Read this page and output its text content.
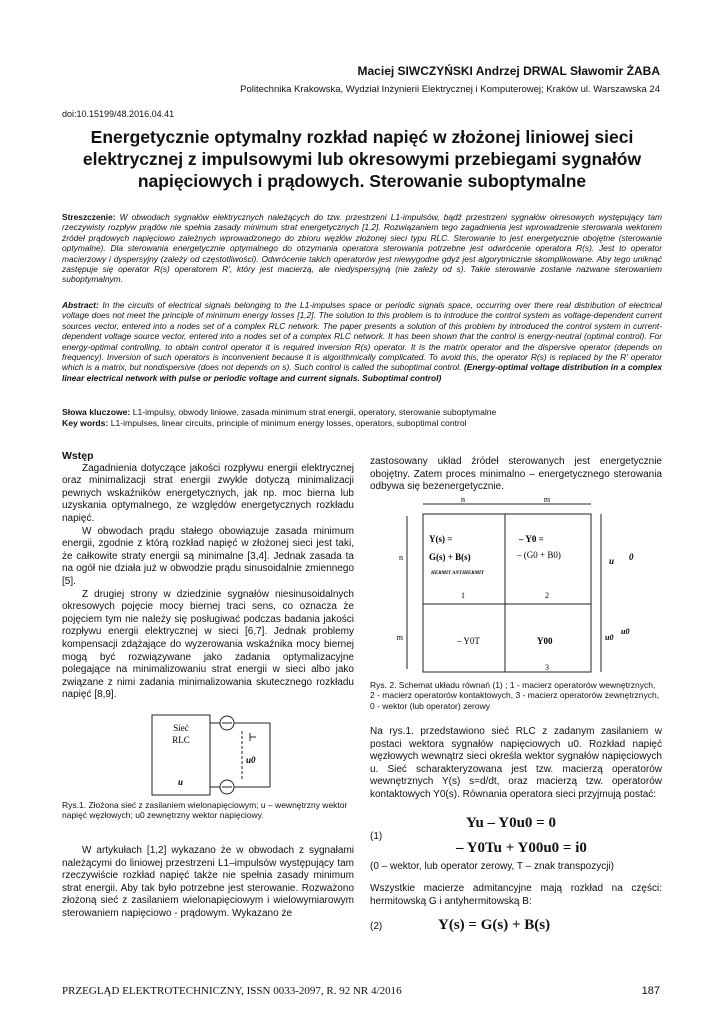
Maciej SIWCZYŃSKI Andrzej DRWAL Sławomir ŻABA
Politechnika Krakowska, Wydział Inżynierii Elektrycznej i Komputerowej; Kraków ul. Warszawska 24
doi:10.15199/48.2016.04.41
Energetycznie optymalny rozkład napięć w złożonej liniowej sieci elektrycznej z impulsowymi lub okresowymi przebiegami sygnałów napięciowych i prądowych. Sterowanie suboptymalne
Streszczenie: W obwodach sygnałów elektrycznych należących do tzw. przestrzeni L1-impulsów, bądź przestrzeni sygnałów okresowych występujący tam rzeczywisty rozpływ prądów nie spełnia zasady minimum strat energetycznych [1,2]. Rozwiązaniem tego zagadnienia jest wprowadzenie sterowania wektorem źródeł prądowych napięciowo zależnych wprowadzonego do zbioru węzłów złożonej sieci typu RLC. Sterowanie to jest energetycznie obojętne (sterowanie optymalne). Dla sterowania energetycznie optymalnego do otrzymania operatora sterowania potrzebne jest odwrócenie operatora R(s). Jest to operator macierzowy i dyspersyjny (zależy od częstotliwości). Odwrócenie takich operatorów jest niewygodne gdyż jest algorytmicznie skomplikowane. Aby tego uniknąć zastępuje się operator R(s) operatorem R', który jest macierzą, ale niedyspersyjną (nie zależy od s). Takie sterowanie zostanie nazwane sterowaniem suboptymalnym.
Abstract: In the circuits of electrical signals belonging to the L1-impulses space or periodic signals space, occurring over there real distribution of electrical voltage does not meet the principle of minimum energy losses [1,2]. The solution to this problem is to introduce the control system as voltage-dependent current sources vector, entered into a nodes set of a complex RLC network. The paper presents a solution of this problem by introduced the control system in current-dependent voltage source vector, entered into a nodes set of a complex RLC network. It has been shown that the control is energy-neutral (optimal control). For energy-optimal controlling, to obtain control operator it is required inversion R(s) operator. It is the matrix operator and the dispersive operator (depends on frequency). Inversion of such operators is inconvenient because it is algorithmically complicated. To avoid this, the operator R(s) is replaced by the R' operator which is a matrix, but nondispersive (does not depends on s). Such control is called the suboptimal control. (Energy-optimal voltage distribution in a complex linear electrical network with pulse or periodic voltage and current signals. Suboptimal control)
Słowa kluczowe: L1-impulsy, obwody liniowe, zasada minimum strat energii, operatory, sterowanie suboptymalne
Key words: L1-impulses, linear circuits, principle of minimum energy losses, operators, suboptimal control
Wstęp
Zagadnienia dotyczące jakości rozpływu energii elektrycznej oraz minimalizacji strat energii zwykle dotyczą minimalizacji pewnych wskaźników energetycznych, jak np. moc bierna lub uzyskania optymalnego, ze względów energetycznych rozkładu napięć.
W obwodach prądu stałego obowiązuje zasada minimum energii, zgodnie z którą rozkład napięć w złożonej sieci jest taki, że całkowite straty energii są minimalne [3,4]. Jednak zasada ta na ogół nie działa już w obwodzie prądu sinusoidalnie zmiennego [5].
Z drugiej strony w dziedzinie sygnałów niesinusoidalnych okresowych pojęcie mocy biernej traci sens, co oznacza że pojęciem tym nie należy się posługiwać podczas badania jakości rozpływu energii elektrycznej w sieci [6,7]. Jednak problemy kompensacji zdążające do wyzerowania wskaźnika mocy biernej mogą być rozwiązywane jako zadania optymalizacyjne polegające na minimalizowaniu strat energii w sieci albo jako związane z nimi zadania minimalizowania skutecznego rozkładu napięć [8,9].
Sieć
RLC
u
u0
Rys.1. Złożona sieć z zasilaniem wielonapięciowym; u – wewnętrzny wektor napięć węzłowych; u0 zewnętrzny wektor napięciowy.
W artykułach [1,2] wykazano że w obwodach z sygnałami należącymi do liniowej przestrzeni L1–impulsów występujący tam rzeczywiście rozkład napięć także nie spełnia zasady minimum strat energii. Aby tak było potrzebne jest sterowanie. Rozważono złożoną sieć z zasilaniem wielonapięciowym i wielowymiarowym sterowaniem napięciowo - prądowym. Wykazano że
zastosowany układ źródeł sterowanych jest energetycznie obojętny. Zatem proces minimalno – energetycznego sterowania odbywa się bezenergetycznie.
n	m
n
m
Y(s) =
G(s) + B(s)
HERMIT ANTIHERMIT
– Y0 =
– (G0 + B0)
– Y0T	Y00
1	2
3
u
u0
0
u0
Rys. 2. Schemat układu równań (1) ; 1 - macierz operatorów wewnętrznych, 2 - macierz operatorów kontaktowych, 3 - macierz operatorów zewnętrznych, 0 - wektor (lub operator) zerowy
Na rys.1. przedstawiono sieć RLC z zadanym zasilaniem w postaci wektora sygnałów napięciowych u0. Rozkład napięć węzłowych wewnątrz sieci określa wektor sygnałów napięciowych u. Sieć scharakteryzowana jest tzw. macierzą operatorów wewnętrznych Y(s) s=d/dt, oraz macierzą tzw. operatorów kontaktowych Y0(s). Równania operatora sieci przyjmują postać:
(1)
Yu – Y0u0 = 0
– Y0Tu + Y00u0 = i0
(0 – wektor, lub operator zerowy, T – znak transpozycji)
Wszystkie macierze admitancyjne mają rozkład na części: hermitowską G i antyhermitowską B:
(2)	Y(s) = G(s) + B(s)
PRZEGLĄD ELEKTROTECHNICZNY, ISSN 0033-2097, R. 92 NR 4/2016	187
